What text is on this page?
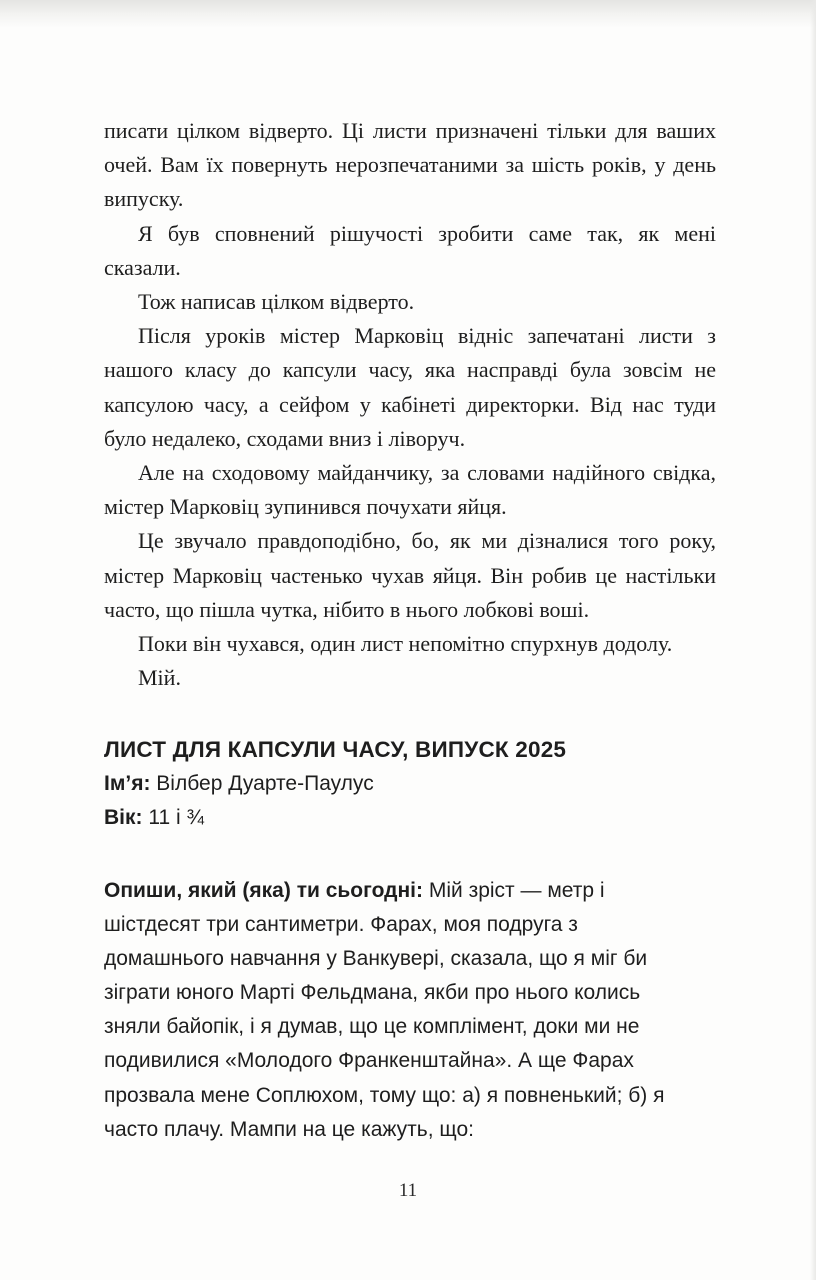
писати цілком відверто. Ці листи призначені тільки для ваших очей. Вам їх повернуть нерозпечатаними за шість років, у день випуску.

Я був сповнений рішучості зробити саме так, як мені сказали.

Тож написав цілком відверто.

Після уроків містер Марковіц відніс запечатані листи з нашого класу до капсули часу, яка насправді була зовсім не капсулою часу, а сейфом у кабінеті директорки. Від нас туди було недалеко, сходами вниз і ліворуч.

Але на сходовому майданчику, за словами надійного свідка, містер Марковіц зупинився почухати яйця.

Це звучало правдоподібно, бо, як ми дізналися того року, містер Марковіц частенько чухав яйця. Він робив це настільки часто, що пішла чутка, нібито в нього лобкові воші.

Поки він чухався, один лист непомітно спурхнув додолу.

Мій.

ЛИСТ ДЛЯ КАПСУЛИ ЧАСУ, ВИПУСК 2025

Ім’я: Вілбер Дуарте-Паулус

Вік: 11 і ¾

Опиши, який (яка) ти сьогодні: Мій зріст — метр і шістдесят три сантиметри. Фарах, моя подруга з домашнього навчання у Ванкувері, сказала, що я міг би зіграти юного Марті Фельдмана, якби про нього колись зняли байопік, і я думав, що це комплімент, доки ми не подивилися «Молодого Франкенштайна». А ще Фарах прозвала мене Соплюхом, тому що: а) я повненький; б) я часто плачу. Мампи на це кажуть, що:

11
